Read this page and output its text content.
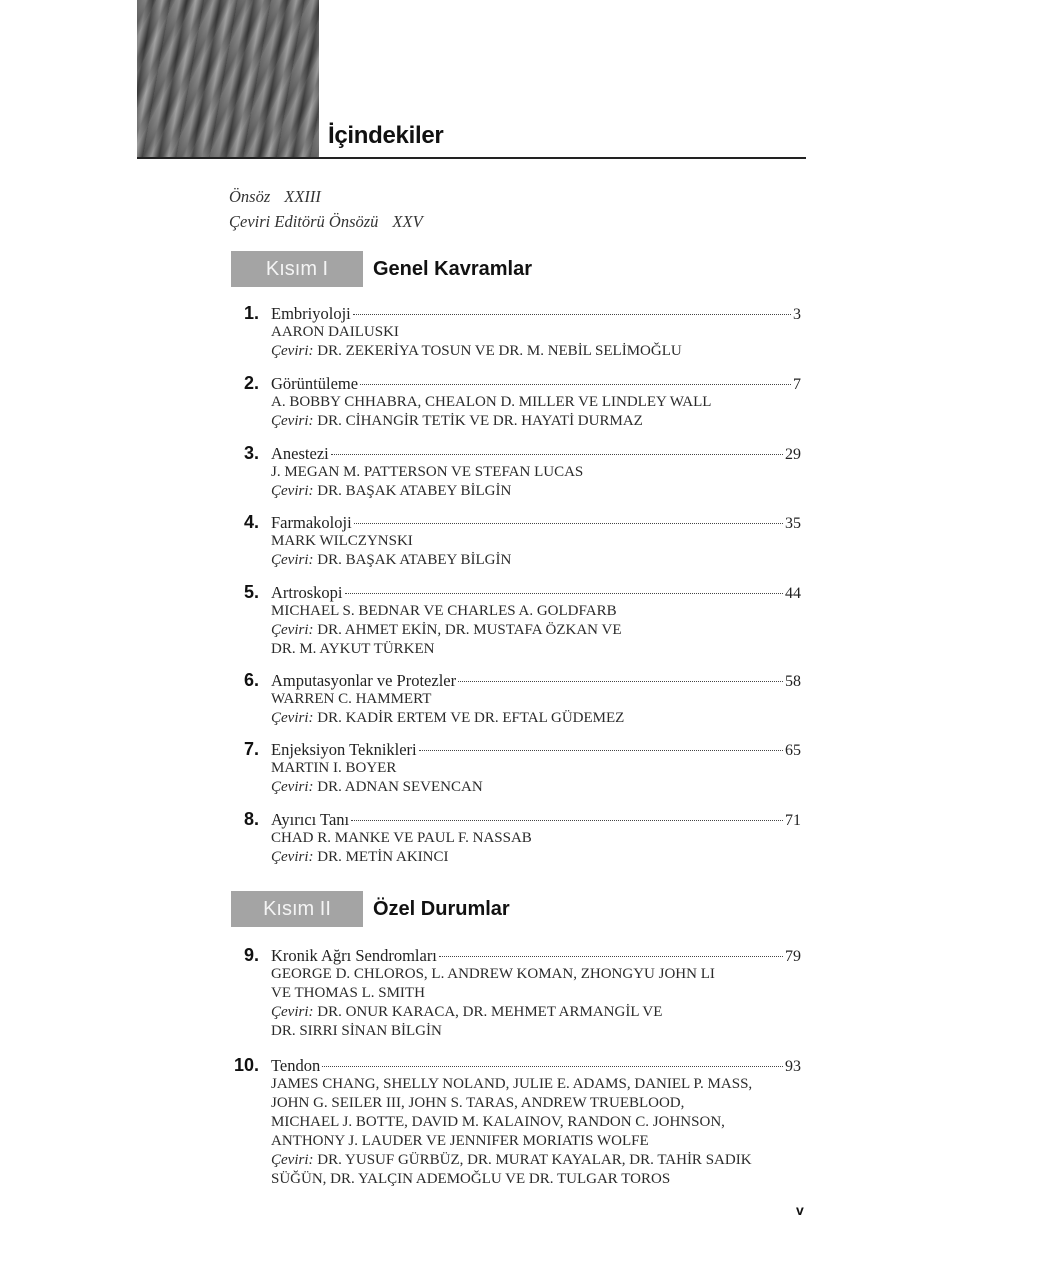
İçindekiler
Önsöz XXIII
Çeviri Editörü Önsözü XXV
Kısım I	Genel Kavramlar
1. Embriyoloji	3
AARON DAILUSKI
Çeviri: DR. ZEKERİYA TOSUN VE DR. M. NEBİL SELİMOĞLU
2. Görüntüleme	7
A. BOBBY CHHABRA, CHEALON D. MILLER VE LINDLEY WALL
Çeviri: DR. CİHANGİR TETİK VE DR. HAYATİ DURMAZ
3. Anestezi	29
J. MEGAN M. PATTERSON VE STEFAN LUCAS
Çeviri: DR. BAŞAK ATABEY BİLGİN
4. Farmakoloji	35
MARK WILCZYNSKI
Çeviri: DR. BAŞAK ATABEY BİLGİN
5. Artroskopi	44
MICHAEL S. BEDNAR VE CHARLES A. GOLDFARB
Çeviri: DR. AHMET EKİN, DR. MUSTAFA ÖZKAN VE
DR. M. AYKUT TÜRKEN
6. Amputasyonlar ve Protezler	58
WARREN C. HAMMERT
Çeviri: DR. KADİR ERTEM VE DR. EFTAL GÜDEMEZ
7. Enjeksiyon Teknikleri	65
MARTIN I. BOYER
Çeviri: DR. ADNAN SEVENCAN
8. Ayırıcı Tanı	71
CHAD R. MANKE VE PAUL F. NASSAB
Çeviri: DR. METİN AKINCI
Kısım II	Özel Durumlar
9. Kronik Ağrı Sendromları	79
GEORGE D. CHLOROS, L. ANDREW KOMAN, ZHONGYU JOHN LI
VE THOMAS L. SMITH
Çeviri: DR. ONUR KARACA, DR. MEHMET ARMANGİL VE
DR. SIRRI SİNAN BİLGİN
10. Tendon	93
JAMES CHANG, SHELLY NOLAND, JULIE E. ADAMS, DANIEL P. MASS,
JOHN G. SEILER III, JOHN S. TARAS, ANDREW TRUEBLOOD,
MICHAEL J. BOTTE, DAVID M. KALAINOV, RANDON C. JOHNSON,
ANTHONY J. LAUDER VE JENNIFER MORIATIS WOLFE
Çeviri: DR. YUSUF GÜRBÜZ, DR. MURAT KAYALAR, DR. TAHİR SADIK
SÜĞÜN, DR. YALÇIN ADEMOĞLU VE DR. TULGAR TOROS
v
